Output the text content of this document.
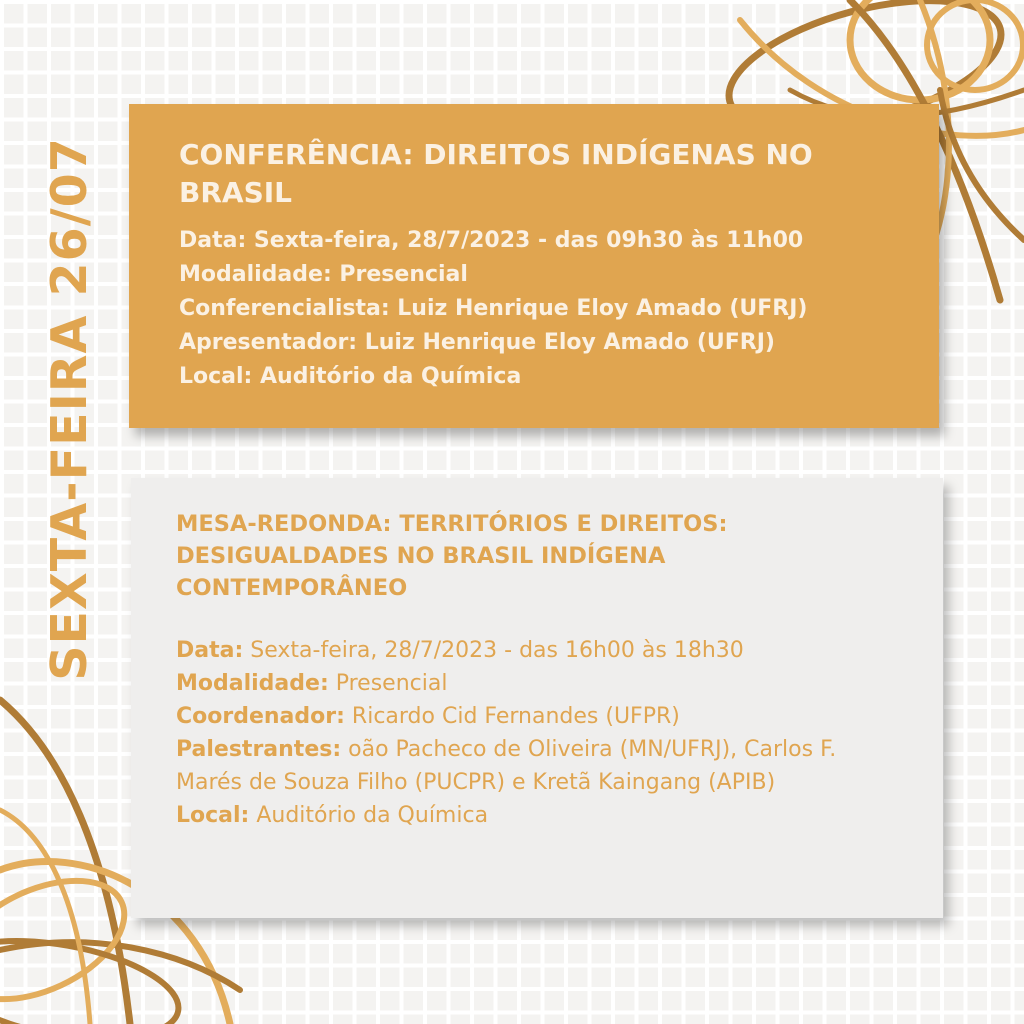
SEXTA-FEIRA 26/07	CONFERÊNCIA: DIREITOS INDÍGENAS NO BRASIL
Data: Sexta-feira, 28/7/2023 - das 09h30 às 11h00
Modalidade: Presencial
Conferencialista: Luiz Henrique Eloy Amado (UFRJ)
Apresentador: Luiz Henrique Eloy Amado (UFRJ)
Local: Auditório da Química
MESA-REDONDA: TERRITÓRIOS E DIREITOS: DESIGUALDADES NO BRASIL INDÍGENA CONTEMPORÂNEO
Data: Sexta-feira, 28/7/2023 - das 16h00 às 18h30
Modalidade: Presencial
Coordenador: Ricardo Cid Fernandes (UFPR)
Palestrantes: oão Pacheco de Oliveira (MN/UFRJ), Carlos F. Marés de Souza Filho (PUCPR) e Kretã Kaingang (APIB)
Local: Auditório da Química
